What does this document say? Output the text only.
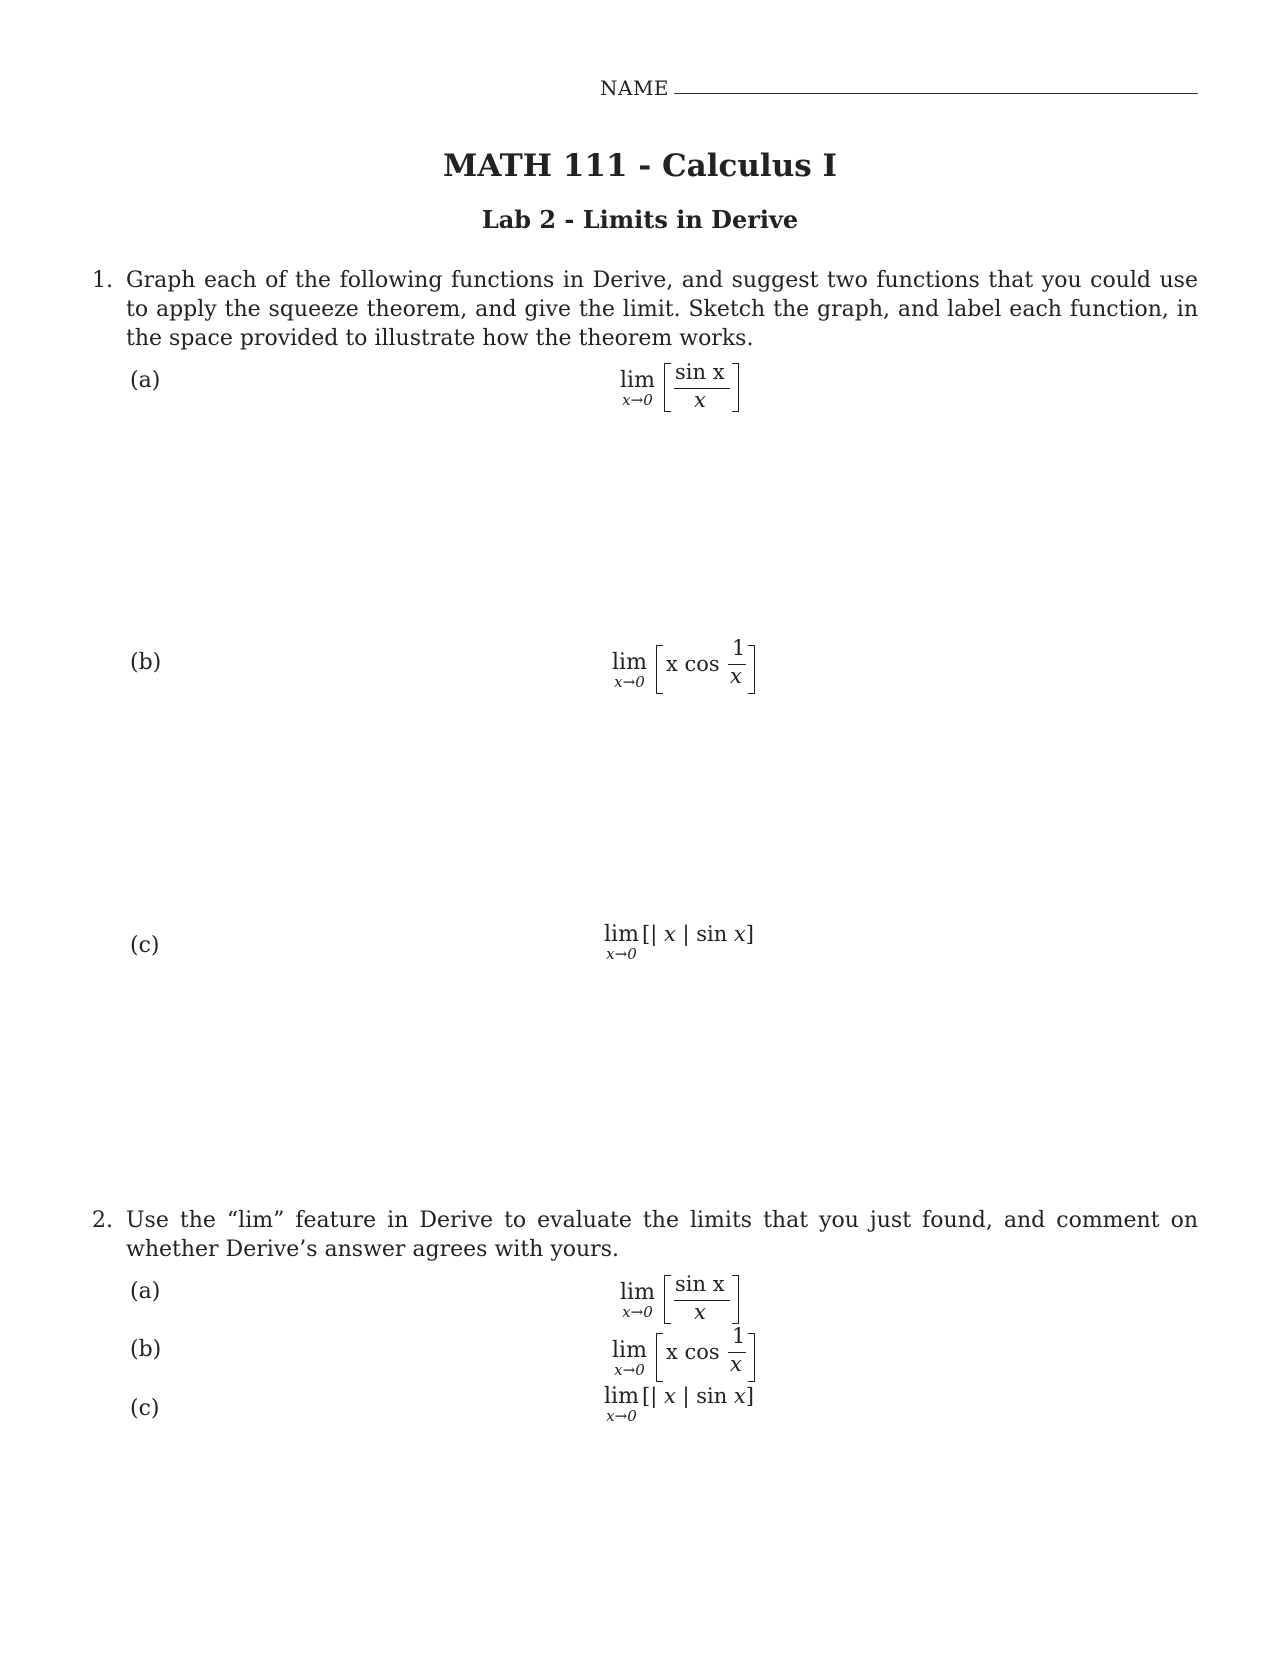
NAME
MATH 111 - Calculus I
Lab 2 - Limits in Derive
1. Graph each of the following functions in Derive, and suggest two functions that you could use to apply the squeeze theorem, and give the limit. Sketch the graph, and label each function, in the space provided to illustrate how the theorem works.
(a)	lim
x→0
sin x
x
(b)	lim
x→0
x cos
1
x
(c)	lim
x→0
[| x | sin x]
2. Use the “lim” feature in Derive to evaluate the limits that you just found, and comment on whether Derive’s answer agrees with yours.
(a)	lim
x→0
sin x
x
(b)	lim
x→0
x cos
1
x
(c)	lim
x→0
[| x | sin x]
